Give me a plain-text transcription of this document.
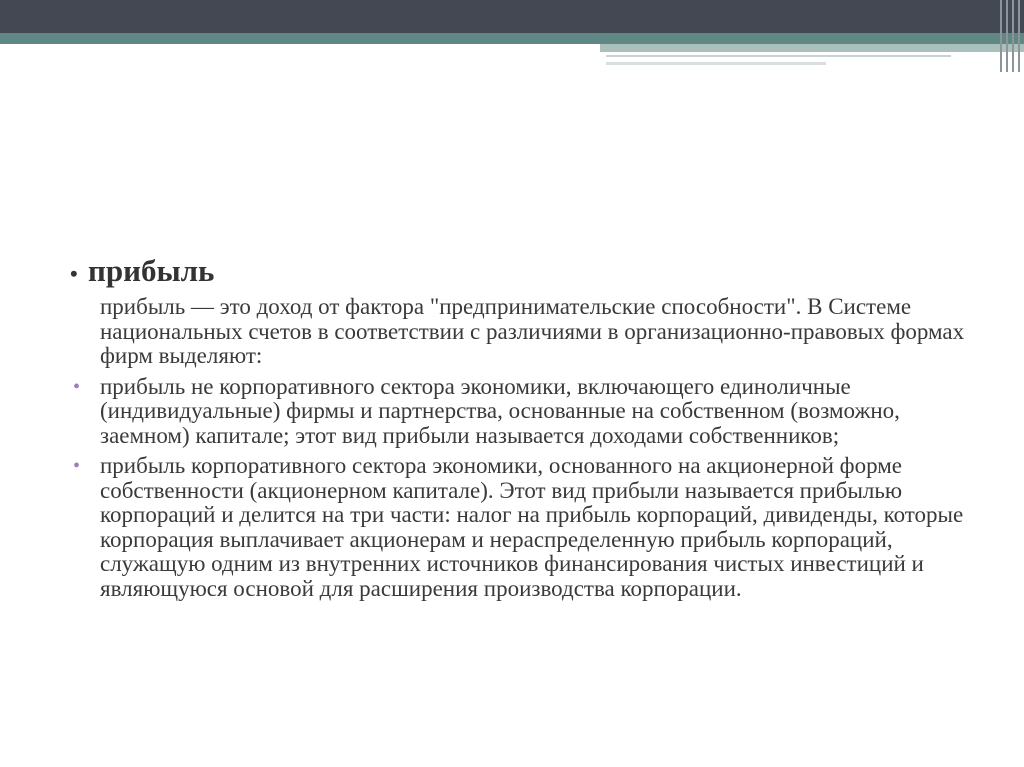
• прибыль
прибыль — это доход от фактора "предпринимательские способности". В Системе национальных счетов в соответствии с различиями в организационно-правовых формах фирм выделяют:
• прибыль не корпоративного сектора экономики, включающего единоличные (индивидуальные) фирмы и партнерства, основанные на собственном (возможно, заемном) капитале; этот вид прибыли называется доходами собственников;
• прибыль корпоративного сектора экономики, основанного на акционерной форме собственности (акционерном капитале). Этот вид прибыли называется прибылью корпораций и делится на три части: налог на прибыль корпораций, дивиденды, которые корпорация выплачивает акционерам и нераспределенную прибыль корпораций, служащую одним из внутренних источников финансирования чистых инвестиций и являющуюся основой для расширения производства корпорации.
